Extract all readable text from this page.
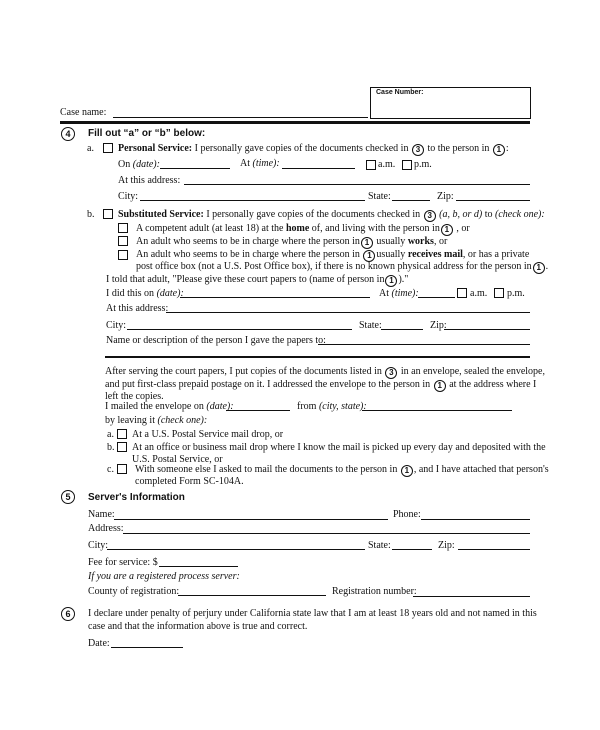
Case name:
Case Number:
4	Fill out “a” or “b” below:
a. Personal Service: I personally gave copies of the documents checked in 3 to the person in 1 :
On (date):	At (time):	a.m. p.m.
At this address:
City:	State:	Zip:
b. Substituted Service: I personally gave copies of the documents checked in 3 (a, b, or d) to (check one):
A competent adult (at least 18) at the home of, and living with the person in 1 , or
An adult who seems to be in charge where the person in 1 usually works, or
An adult who seems to be in charge where the person in 1 usually receives mail, or has a private
post office box (not a U.S. Post Office box), if there is no known physical address for the person in 1 .
I told that adult, "Please give these court papers to (name of person in 1 )."
I did this on (date):	At (time):	a.m. p.m.
At this address:
City:	State:	Zip:
Name or description of the person I gave the papers to:
After serving the court papers, I put copies of the documents listed in 3 in an envelope, sealed the envelope,
and put first-class prepaid postage on it. I addressed the envelope to the person in 1 at the address where I
left the copies.
I mailed the envelope on (date):	from (city, state):
by leaving it (check one):
a. At a U.S. Postal Service mail drop, or
b. At an office or business mail drop where I know the mail is picked up every day and deposited with the
U.S. Postal Service, or
c. With someone else I asked to mail the documents to the person in 1 , and I have attached that person's
completed Form SC-104A.
5	Server's Information
Name:	Phone:
Address:
City:	State:	Zip:
Fee for service: $
If you are a registered process server:
County of registration:	Registration number:
6	I declare under penalty of perjury under California state law that I am at least 18 years old and not named in this
case and that the information above is true and correct.
Date:
